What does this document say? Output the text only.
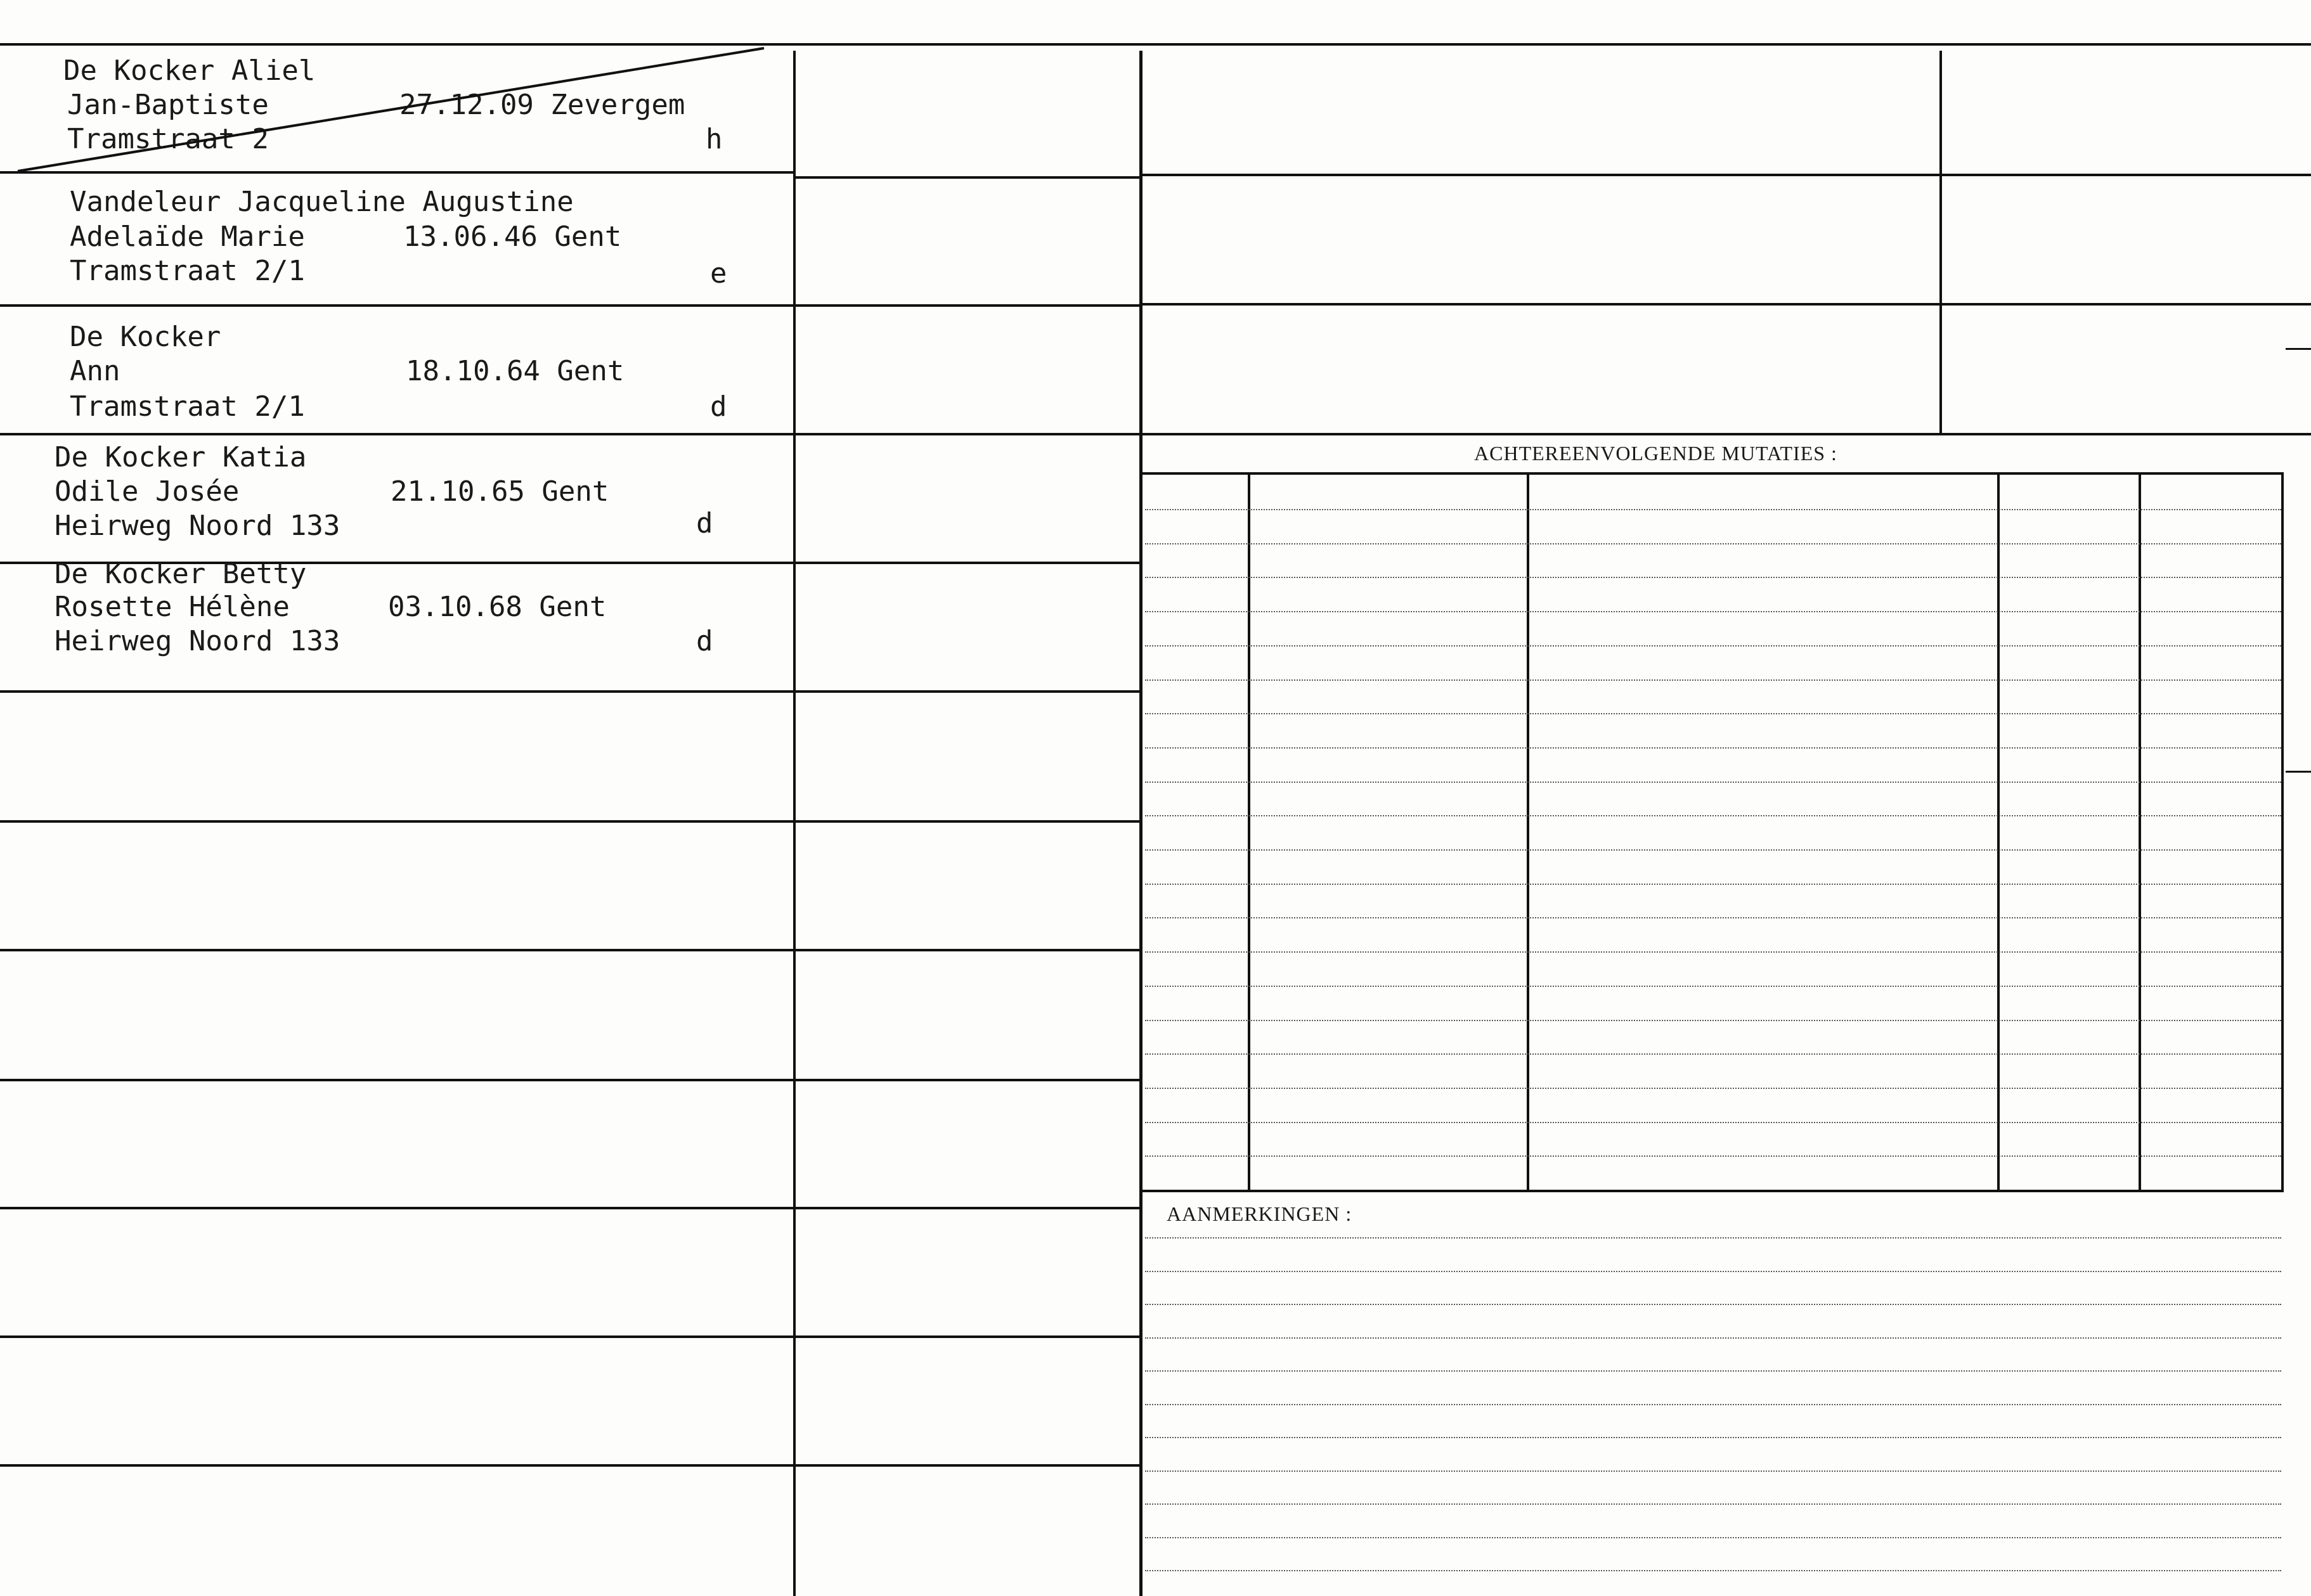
ACHTEREENVOLGENDE MUTATIES :
AANMERKINGEN :
De Kocker Aliel
Jan-Baptiste	27.12.09 Zevergem
Tramstraat 2	h
Vandeleur Jacqueline Augustine
Adelaïde Marie	13.06.46 Gent
Tramstraat 2/1	e
De Kocker
Ann	18.10.64 Gent
Tramstraat 2/1	d
De Kocker Katia
Odile Josée	21.10.65 Gent
Heirweg Noord 133	d
De Kocker Betty
Rosette Hélène	03.10.68 Gent
Heirweg Noord 133	d
